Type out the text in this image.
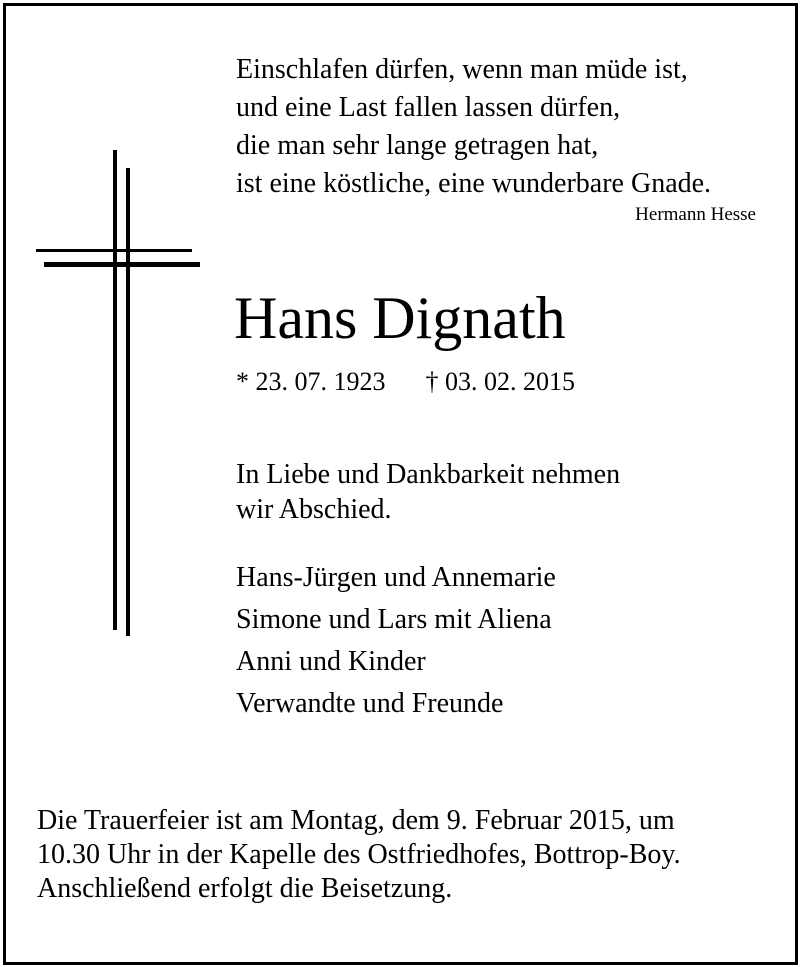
Einschlafen dürfen, wenn man müde ist,
und eine Last fallen lassen dürfen,
die man sehr lange getragen hat,
ist eine köstliche, eine wunderbare Gnade.
Hermann Hesse
Hans Dignath
* 23. 07. 1923 † 03. 02. 2015
In Liebe und Dankbarkeit nehmen
wir Abschied.
Hans-Jürgen und Annemarie
Simone und Lars mit Aliena
Anni und Kinder
Verwandte und Freunde
Die Trauerfeier ist am Montag, dem 9. Februar 2015, um
10.30 Uhr in der Kapelle des Ostfriedhofes, Bottrop-Boy.
Anschließend erfolgt die Beisetzung.
